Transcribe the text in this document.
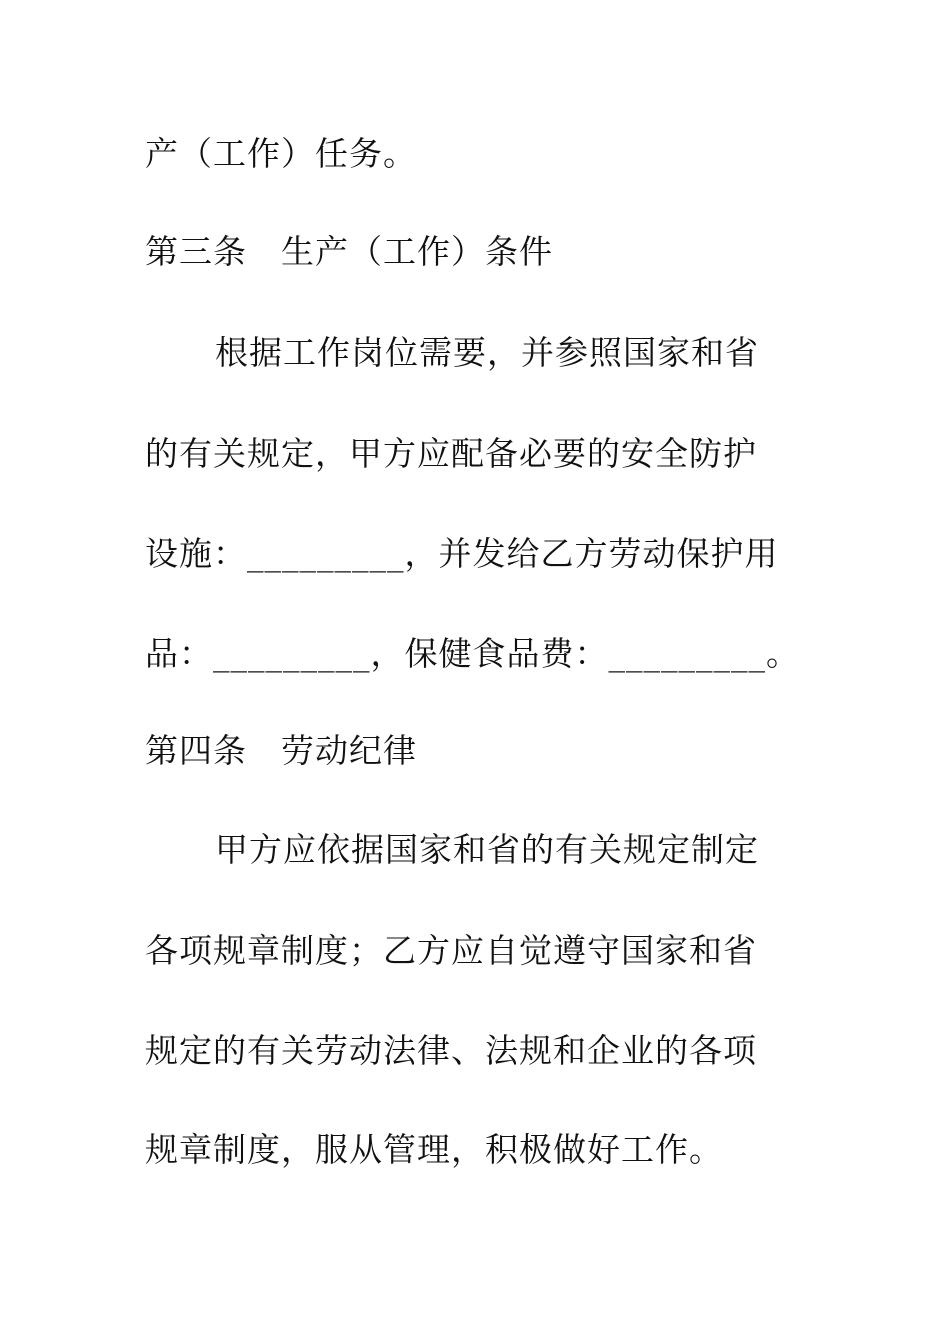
产（工作）任务。
第三条　生产（工作）条件
根据工作岗位需要，并参照国家和省
的有关规定，甲方应配备必要的安全防护
设施：_________，并发给乙方劳动保护用
品：_________，保健食品费：_________。
第四条　劳动纪律
甲方应依据国家和省的有关规定制定
各项规章制度；乙方应自觉遵守国家和省
规定的有关劳动法律、法规和企业的各项
规章制度，服从管理，积极做好工作。
